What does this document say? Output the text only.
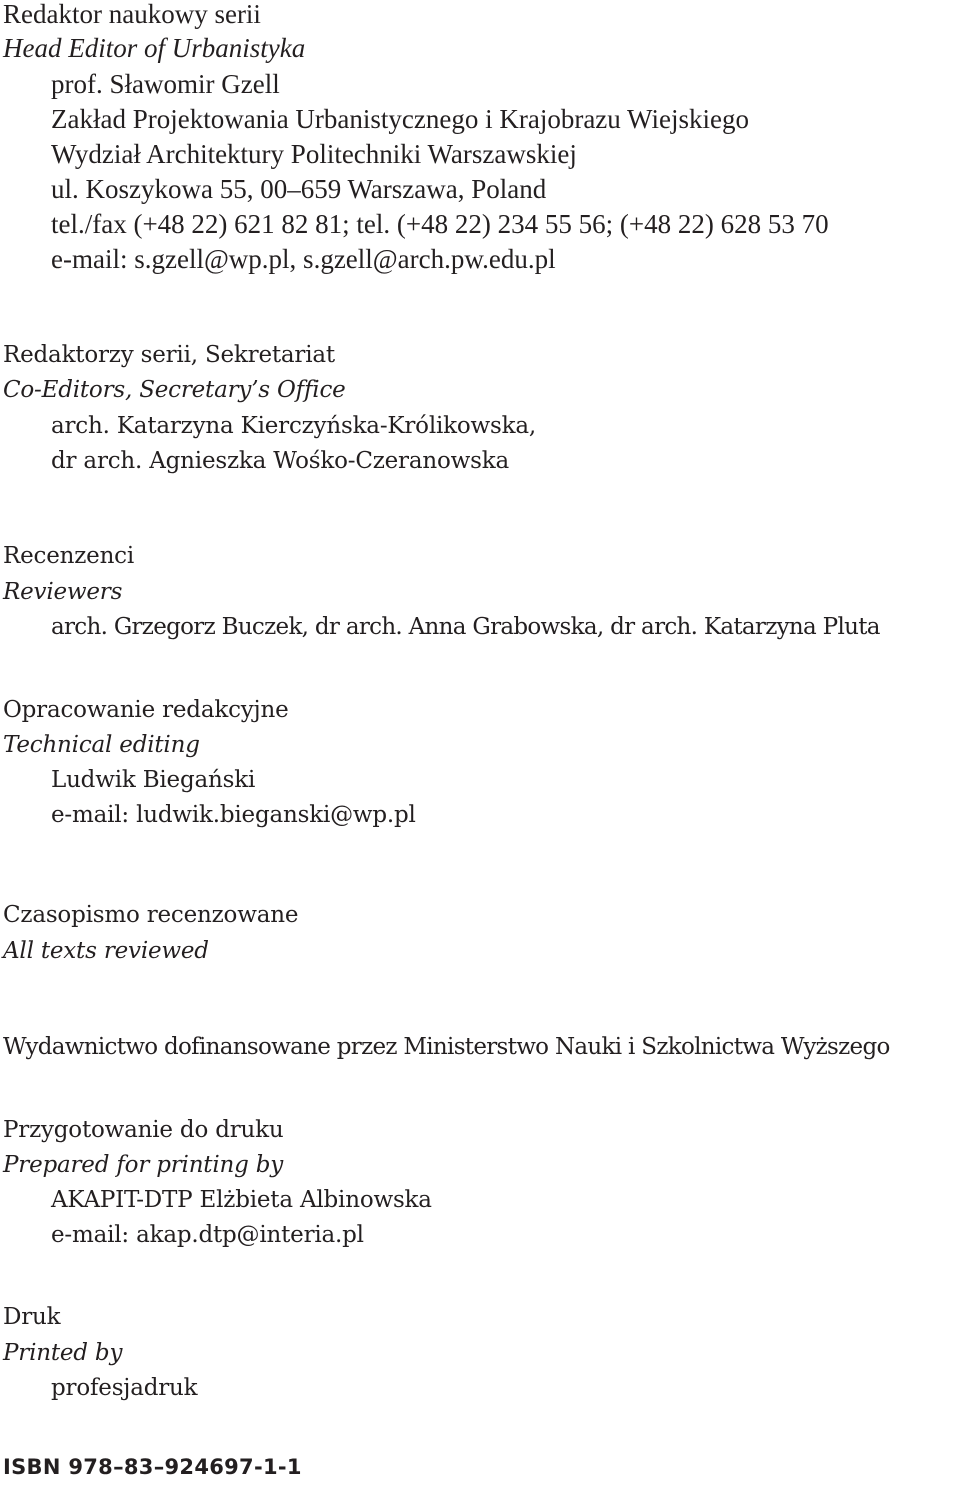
Redaktor naukowy serii
Head Editor of Urbanistyka
prof. Sławomir Gzell
Zakład Projektowania Urbanistycznego i Krajobrazu Wiejskiego
Wydział Architektury Politechniki Warszawskiej
ul. Koszykowa 55, 00–659 Warszawa, Poland
tel./fax (+48 22) 621 82 81; tel. (+48 22) 234 55 56; (+48 22) 628 53 70
e-mail: s.gzell@wp.pl, s.gzell@arch.pw.edu.pl
Redaktorzy serii, Sekretariat
Co-Editors, Secretary’s Office
arch. Katarzyna Kierczyńska-Królikowska,
dr arch. Agnieszka Wośko-Czeranowska
Recenzenci
Reviewers
arch. Grzegorz Buczek, dr arch. Anna Grabowska, dr arch. Katarzyna Pluta
Opracowanie redakcyjne
Technical editing
Ludwik Biegański
e-mail: ludwik.bieganski@wp.pl
Czasopismo recenzowane
All texts reviewed
Wydawnictwo dofinansowane przez Ministerstwo Nauki i Szkolnictwa Wyższego
Przygotowanie do druku
Prepared for printing by
AKAPIT-DTP Elżbieta Albinowska
e-mail: akap.dtp@interia.pl
Druk
Printed by
profesjadruk
ISBN 978–83–924697-1-1
